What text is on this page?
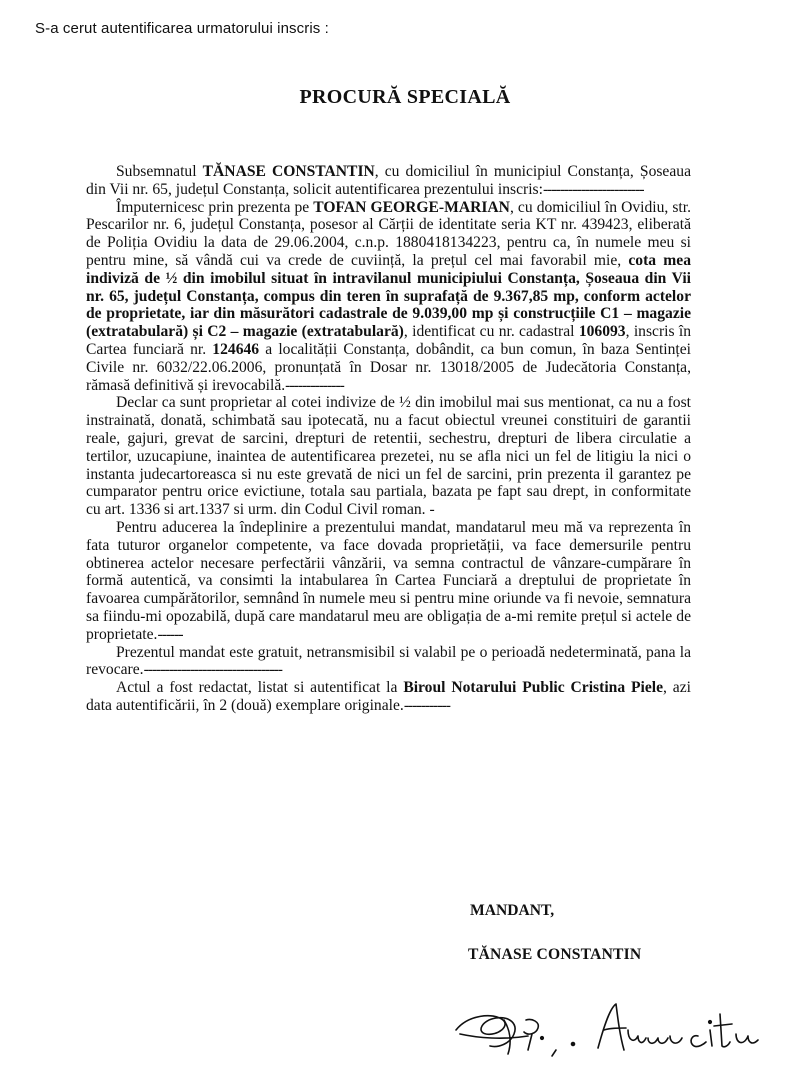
S-a cerut autentificarea urmatorului inscris :
PROCURĂ SPECIALĂ

Subsemnatul TĂNASE CONSTANTIN, cu domiciliul în municipiul Constanța, Șoseaua din Vii nr. 65, județul Constanța, solicit autentificarea prezentului inscris:------------------------

Împuternicesc prin prezenta pe TOFAN GEORGE-MARIAN, cu domiciliul în Ovidiu, str. Pescarilor nr. 6, județul Constanța, posesor al Cărții de identitate seria KT nr. 439423, eliberată de Poliția Ovidiu la data de 29.06.2004, c.n.p. 1880418134223, pentru ca, în numele meu si pentru mine, să vândă cui va crede de cuviință, la prețul cel mai favorabil mie, cota mea indiviză de ½ din imobilul situat în intravilanul municipiului Constanța, Șoseaua din Vii nr. 65, județul Constanța, compus din teren în suprafață de 9.367,85 mp, conform actelor de proprietate, iar din măsurători cadastrale de 9.039,00 mp și construcțiile C1 – magazie (extratabulară) și C2 – magazie (extratabulară), identificat cu nr. cadastral 106093, inscris în Cartea funciară nr. 124646 a localității Constanța, dobândit, ca bun comun, în baza Sentinței Civile nr. 6032/22.06.2006, pronunțată în Dosar nr. 13018/2005 de Judecătoria Constanța, rămasă definitivă și irevocabilă.--------------

Declar ca sunt proprietar al cotei indivize de ½ din imobilul mai sus mentionat, ca nu a fost instrainată, donată, schimbată sau ipotecată, nu a facut obiectul vreunei constituiri de garantii reale, gajuri, grevat de sarcini, drepturi de retentii, sechestru, drepturi de libera circulatie a tertilor, uzucapiune, inaintea de autentificarea prezetei, nu se afla nici un fel de litigiu la nici o instanta judecartoreasca si nu este grevată de nici un fel de sarcini, prin prezenta il garantez pe cumparator pentru orice evictiune, totala sau partiala, bazata pe fapt sau drept, in conformitate cu art. 1336 si art.1337 si urm. din Codul Civil roman. -

Pentru aducerea la îndeplinire a prezentului mandat, mandatarul meu mă va reprezenta în fata tuturor organelor competente, va face dovada proprietății, va face demersurile pentru obtinerea actelor necesare perfectării vânzării, va semna contractul de vânzare-cumpărare în formă autentică, va consimti la intabularea în Cartea Funciară a dreptului de proprietate în favoarea cumpărătorilor, semnând în numele meu si pentru mine oriunde va fi nevoie, semnatura sa fiindu-mi opozabilă, după care mandatarul meu are obligația de a-mi remite prețul si actele de proprietate.------

Prezentul mandat este gratuit, netransmisibil si valabil pe o perioadă nedeterminată, pana la revocare.---------------------------------

Actul a fost redactat, listat si autentificat la Biroul Notarului Public Cristina Piele, azi data autentificării, în 2 (două) exemplare originale.-----------

MANDANT,
TĂNASE CONSTANTIN
